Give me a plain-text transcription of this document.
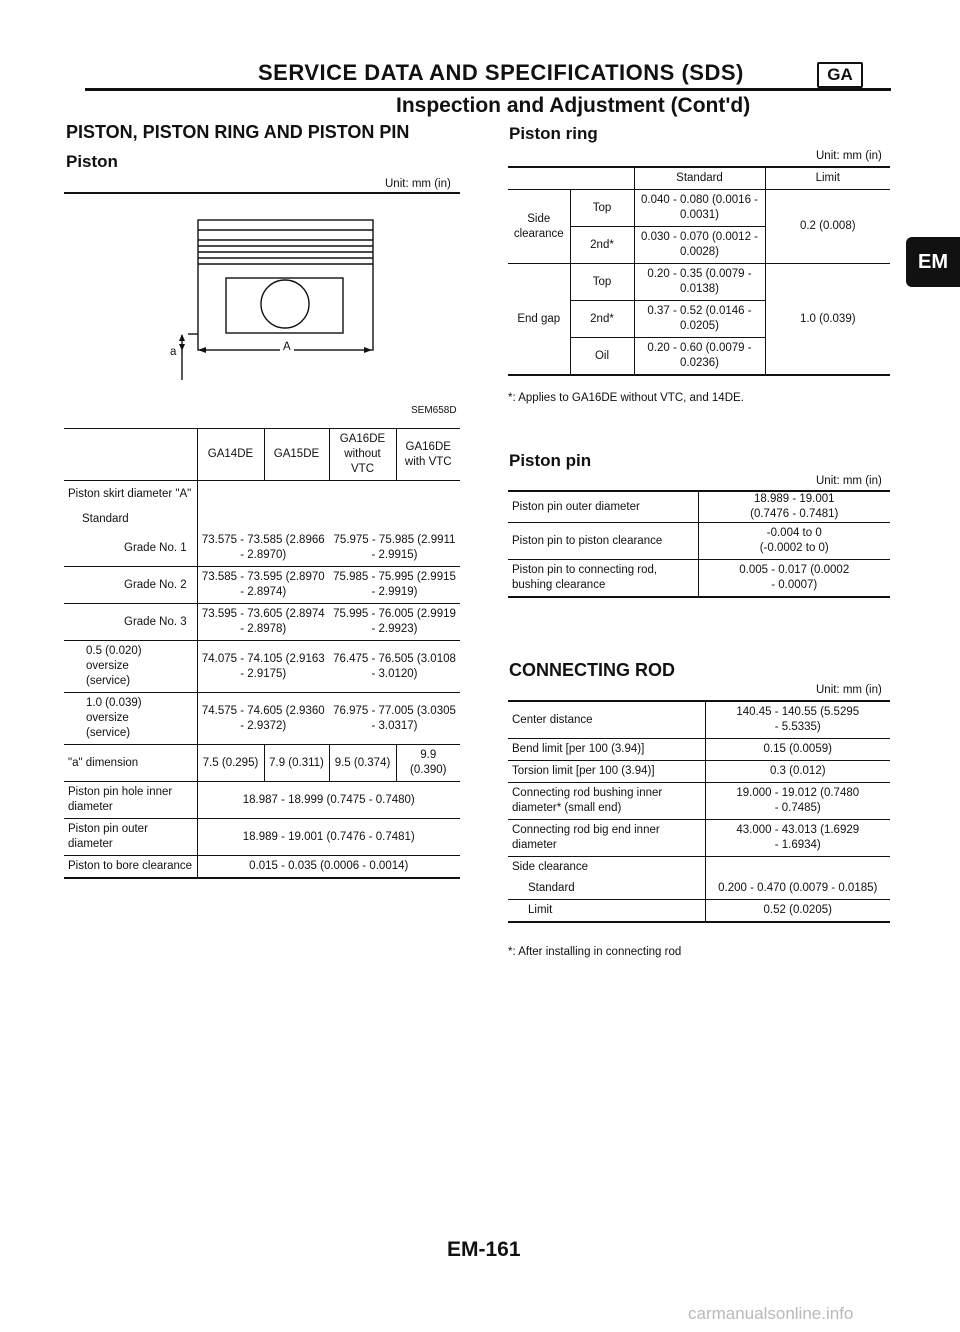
SERVICE DATA AND SPECIFICATIONS (SDS)	GA
Inspection and Adjustment (Cont'd)
PISTON, PISTON RING AND PISTON PIN
Piston
Unit: mm (in)
a	A
SEM658D
	GA14DE	GA15DE	GA16DE without VTC	GA16DE with VTC

Piston skirt diameter "A"
Standard				

Grade No. 1	73.575 - 73.585 (2.8966 - 2.8970)		75.975 - 75.985 (2.9911 - 2.9915)	
Grade No. 2	73.585 - 73.595 (2.8970 - 2.8974)		75.985 - 75.995 (2.9915 - 2.9919)	
Grade No. 3	73.595 - 73.605 (2.8974 - 2.8978)		75.995 - 76.005 (2.9919 - 2.9923)	
0.5 (0.020) oversize (service)	74.075 - 74.105 (2.9163 - 2.9175)		76.475 - 76.505 (3.0108 - 3.0120)	
1.0 (0.039) oversize (service)	74.575 - 74.605 (2.9360 - 2.9372)		76.975 - 77.005 (3.0305 - 3.0317)	
"a" dimension	7.5 (0.295)	7.9 (0.311)	9.5 (0.374)	9.9 (0.390)
Piston pin hole inner diameter	18.987 - 18.999 (0.7475 - 0.7480)			
Piston pin outer diameter	18.989 - 19.001 (0.7476 - 0.7481)			
Piston to bore clearance	0.015 - 0.035 (0.0006 - 0.0014)			
Piston ring
Unit: mm (in)
		Standard	Limit
Side clearance	Top	0.040 - 0.080 (0.0016 - 0.0031)	0.2 (0.008)
	2nd*	0.030 - 0.070 (0.0012 - 0.0028)	
End gap	Top	0.20 - 0.35 (0.0079 - 0.0138)	1.0 (0.039)
	2nd*	0.37 - 0.52 (0.0146 - 0.0205)	
	Oil	0.20 - 0.60 (0.0079 - 0.0236)	
*: Applies to GA16DE without VTC, and 14DE.
Piston pin
Unit: mm (in)
Piston pin outer diameter	18.989 - 19.001 (0.7476 - 0.7481)
Piston pin to piston clearance	-0.004 to 0 (-0.0002 to 0)
Piston pin to connecting rod, bushing clearance	0.005 - 0.017 (0.0002 - 0.0007)
CONNECTING ROD
Unit: mm (in)
Center distance	140.45 - 140.55 (5.5295 - 5.5335)
Bend limit [per 100 (3.94)]	0.15 (0.0059)
Torsion limit [per 100 (3.94)]	0.3 (0.012)
Connecting rod bushing inner diameter* (small end)	19.000 - 19.012 (0.7480 - 0.7485)
Connecting rod big end inner diameter	43.000 - 43.013 (1.6929 - 1.6934)
Side clearance	
Standard	0.200 - 0.470 (0.0079 - 0.0185)
Limit	0.52 (0.0205)
*: After installing in connecting rod
EM
EM-161
carmanualsonline.info
